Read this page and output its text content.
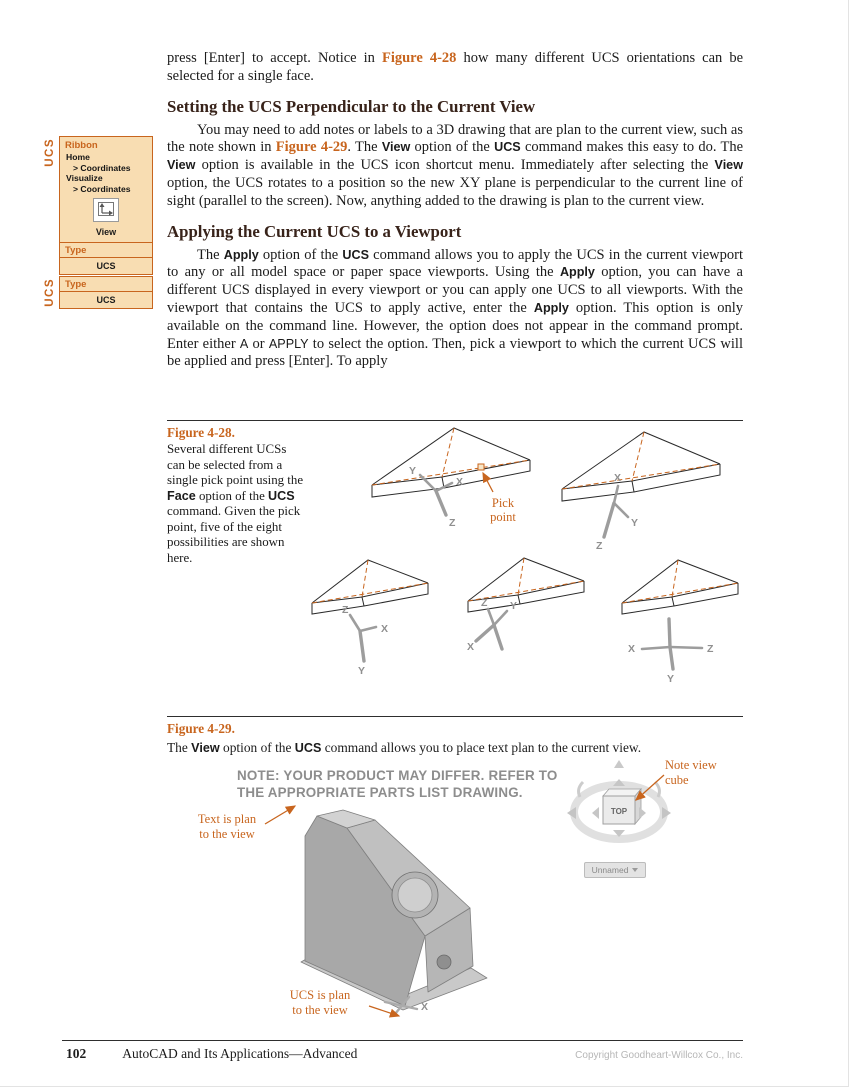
UCS Ribbon
Home
> Coordinates
Visualize
> Coordinates
View
Type
UCS
UCS Type
UCS

press [Enter] to accept. Notice in Figure 4-28 how many different UCS orientations can be selected for a single face.

Setting the UCS Perpendicular to the Current View

You may need to add notes or labels to a 3D drawing that are plan to the current view, such as the note shown in Figure 4-29. The View option of the UCS command makes this easy to do. The View option is available in the UCS icon shortcut menu. Immediately after selecting the View option, the UCS rotates to a position so the new XY plane is perpendicular to the current line of sight (parallel to the screen). Now, anything added to the drawing is plan to the current view.

Applying the Current UCS to a Viewport

The Apply option of the UCS command allows you to apply the UCS in the current viewport to any or all model space or paper space viewports. Using the Apply option, you can have a different UCS displayed in every viewport or you can apply one UCS to all viewports. With the viewport that contains the UCS to apply active, enter the Apply option. This option is only available on the command line. However, the option does not appear in the command prompt. Enter either A or APPLY to select the option. Then, pick a viewport to which the current UCS will be applied and press [Enter]. To apply

Figure 4-28.
Several different UCSs can be selected from a single pick point using the Face option of the UCS command. Given the pick point, five of the eight possibilities are shown here.
Y
X
Z
X
Y
Z
Z
X
Y
Z Y
X	X
Y
Z
Pick
point
Figure 4-29.
The View option of the UCS command allows you to place text plan to the current view.
NOTE: YOUR PRODUCT MAY DIFFER. REFER TO
THE APPROPRIATE PARTS LIST DRAWING.
X
TOP
Unnamed
Text is plan
to the view
Note view
cube
UCS is plan
to the view
102	AutoCAD and Its Applications—Advanced	Copyright Goodheart-Willcox Co., Inc.
